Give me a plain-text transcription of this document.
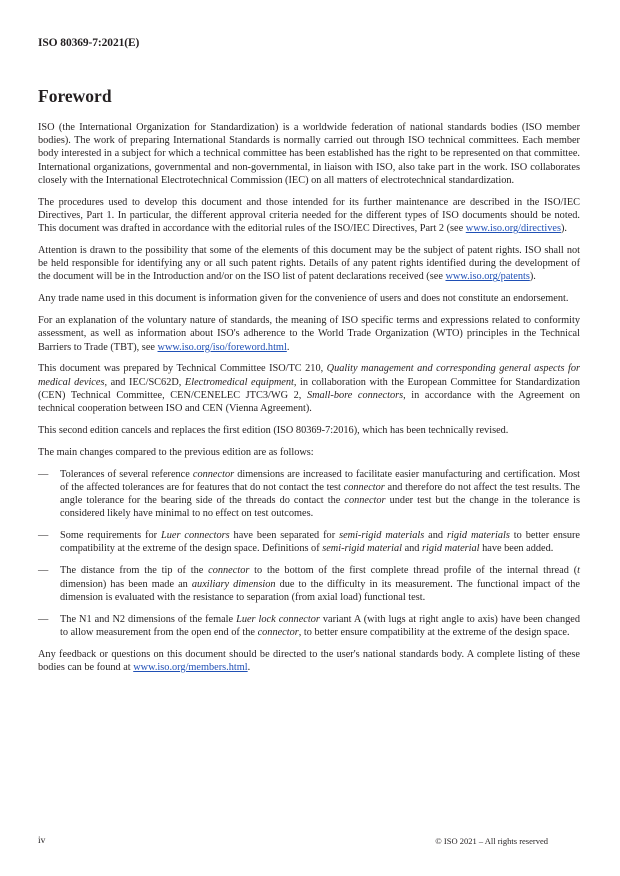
ISO 80369-7:2021(E)
Foreword

ISO (the International Organization for Standardization) is a worldwide federation of national standards bodies (ISO member bodies). The work of preparing International Standards is normally carried out through ISO technical committees. Each member body interested in a subject for which a technical committee has been established has the right to be represented on that committee. International organizations, governmental and non-governmental, in liaison with ISO, also take part in the work. ISO collaborates closely with the International Electrotechnical Commission (IEC) on all matters of electrotechnical standardization.

The procedures used to develop this document and those intended for its further maintenance are described in the ISO/IEC Directives, Part 1. In particular, the different approval criteria needed for the different types of ISO documents should be noted. This document was drafted in accordance with the editorial rules of the ISO/IEC Directives, Part 2 (see www.iso.org/directives).

Attention is drawn to the possibility that some of the elements of this document may be the subject of patent rights. ISO shall not be held responsible for identifying any or all such patent rights. Details of any patent rights identified during the development of the document will be in the Introduction and/or on the ISO list of patent declarations received (see www.iso.org/patents).

Any trade name used in this document is information given for the convenience of users and does not constitute an endorsement.

For an explanation of the voluntary nature of standards, the meaning of ISO specific terms and expressions related to conformity assessment, as well as information about ISO's adherence to the World Trade Organization (WTO) principles in the Technical Barriers to Trade (TBT), see www.iso.org/iso/foreword.html.

This document was prepared by Technical Committee ISO/TC 210, Quality management and corresponding general aspects for medical devices, and IEC/SC62D, Electromedical equipment, in collaboration with the European Committee for Standardization (CEN) Technical Committee, CEN/CENELEC JTC3/WG 2, Small-bore connectors, in accordance with the Agreement on technical cooperation between ISO and CEN (Vienna Agreement).

This second edition cancels and replaces the first edition (ISO 80369-7:2016), which has been technically revised.

The main changes compared to the previous edition are as follows:

— Tolerances of several reference connector dimensions are increased to facilitate easier manufacturing and certification. Most of the affected tolerances are for features that do not contact the test connector and therefore do not affect the test results. The angle tolerance for the bearing side of the threads do contact the connector under test but the change in the tolerance is considered likely have minimal to no effect on test outcomes.
— Some requirements for Luer connectors have been separated for semi-rigid materials and rigid materials to better ensure compatibility at the extreme of the design space. Definitions of semi-rigid material and rigid material have been added.
— The distance from the tip of the connector to the bottom of the first complete thread profile of the internal thread (t dimension) has been made an auxiliary dimension due to the difficulty in its measurement. The functional impact of the dimension is evaluated with the resistance to separation (from axial load) functional test.
— The N1 and N2 dimensions of the female Luer lock connector variant A (with lugs at right angle to axis) have been changed to allow measurement from the open end of the connector, to better ensure compatibility at the extreme of the design space.

Any feedback or questions on this document should be directed to the user's national standards body. A complete listing of these bodies can be found at www.iso.org/members.html.

iv	© ISO 2021 – All rights reserved
